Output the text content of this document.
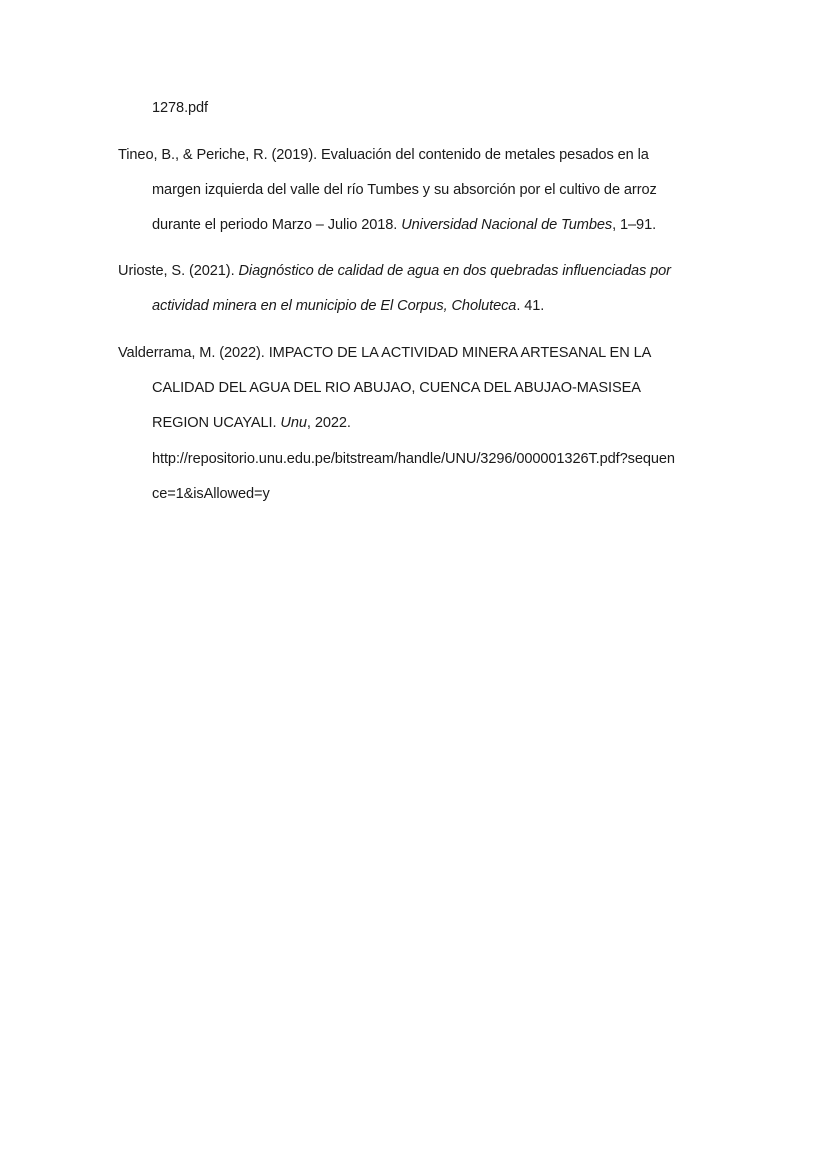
1278.pdf
Tineo, B., & Periche, R. (2019). Evaluación del contenido de metales pesados en la
margen izquierda del valle del río Tumbes y su absorción por el cultivo de arroz
durante el periodo Marzo – Julio 2018. Universidad Nacional de Tumbes, 1–91.
Urioste, S. (2021). Diagnóstico de calidad de agua en dos quebradas influenciadas por
actividad minera en el municipio de El Corpus, Choluteca. 41.
Valderrama, M. (2022). IMPACTO DE LA ACTIVIDAD MINERA ARTESANAL EN LA
CALIDAD DEL AGUA DEL RIO ABUJAO, CUENCA DEL ABUJAO-MASISEA
REGION UCAYALI. Unu, 2022.
http://repositorio.unu.edu.pe/bitstream/handle/UNU/3296/000001326T.pdf?sequen
ce=1&isAllowed=y
